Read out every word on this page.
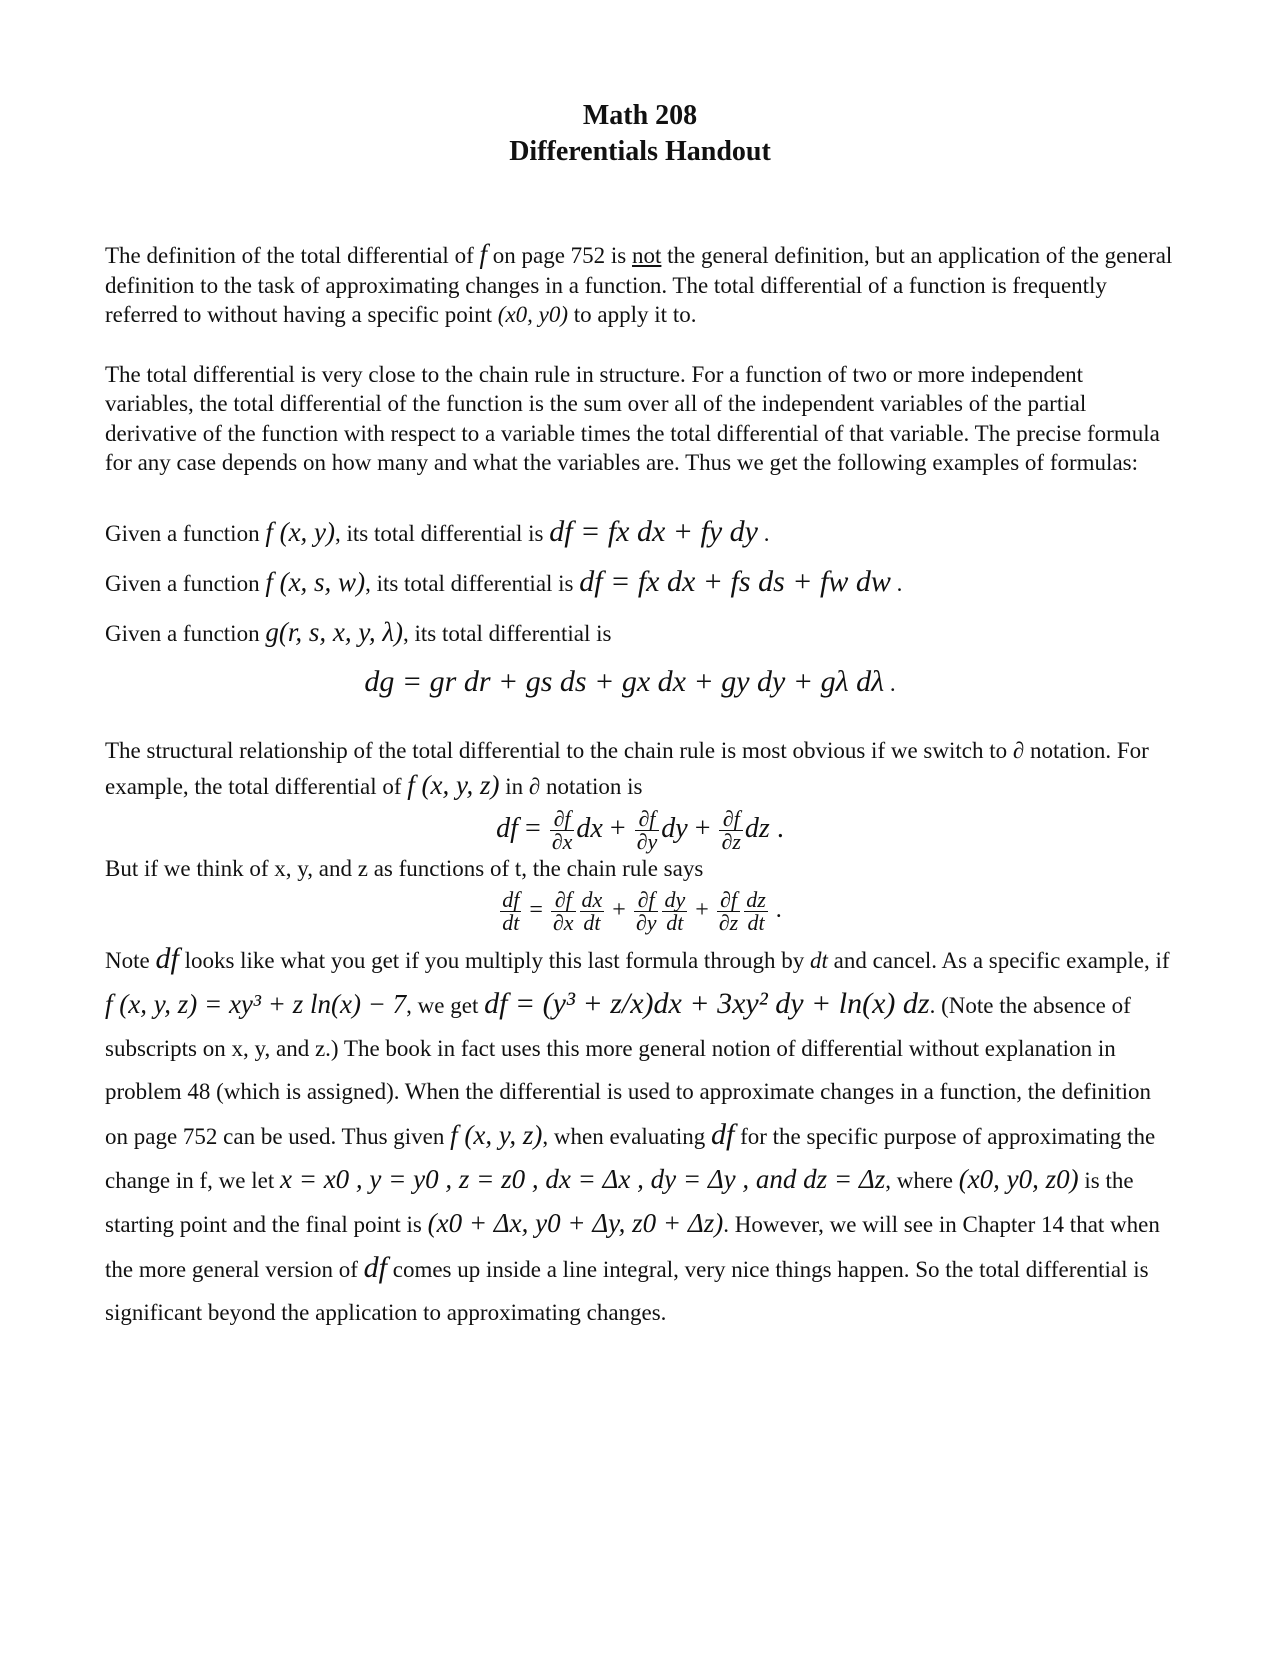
Math 208
Differentials Handout

The definition of the total differential of f on page 752 is not the general definition, but an application of the general definition to the task of approximating changes in a function. The total differential of a function is frequently referred to without having a specific point (x0, y0) to apply it to.

The total differential is very close to the chain rule in structure. For a function of two or more independent variables, the total differential of the function is the sum over all of the independent variables of the partial derivative of the function with respect to a variable times the total differential of that variable. The precise formula for any case depends on how many and what the variables are. Thus we get the following examples of formulas:

Given a function f (x, y), its total differential is df = fx dx + fy dy .
Given a function f (x, s, w), its total differential is df = fx dx + fs ds + fw dw .
Given a function g(r, s, x, y, λ), its total differential is
dg = gr dr + gs ds + gx dx + gy dy + gλ dλ .
The structural relationship of the total differential to the chain rule is most obvious if we switch to ∂ notation. For example, the total differential of f (x, y, z) in ∂ notation is
df = $\frac{\partial f}{\partial x}$ dx + $\frac{\partial f}{\partial y}$ dy + $\frac{\partial f}{\partial z}$ dz .

But if we think of x, y, and z as functions of t, the chain rule says

$\frac{df}{dt} = \frac{\partial f}{\partial x} \frac{dx}{dt} + \frac{\partial f}{\partial y} \frac{dy}{dt} + \frac{\partial f}{\partial z} \frac{dz}{dt}$ .
Note df looks like what you get if you multiply this last formula through by dt and cancel. As a specific example, if f (x, y, z) = xy³ + z ln(x) − 7, we get df = (y³ + z/x)dx + 3xy² dy + ln(x) dz. (Note the absence of subscripts on x, y, and z.) The book in fact uses this more general notion of differential without explanation in problem 48 (which is assigned). When the differential is used to approximate changes in a function, the definition on page 752 can be used. Thus given f (x, y, z), when evaluating df for the specific purpose of approximating the change in f, we let x = x0 , y = y0 , z = z0 , dx = Δx , dy = Δy , and dz = Δz, where (x0, y0, z0) is the starting point and the final point is (x0 + Δx, y0 + Δy, z0 + Δz). However, we will see in Chapter 14 that when the more general version of df comes up inside a line integral, very nice things happen. So the total differential is significant beyond the application to approximating changes.
